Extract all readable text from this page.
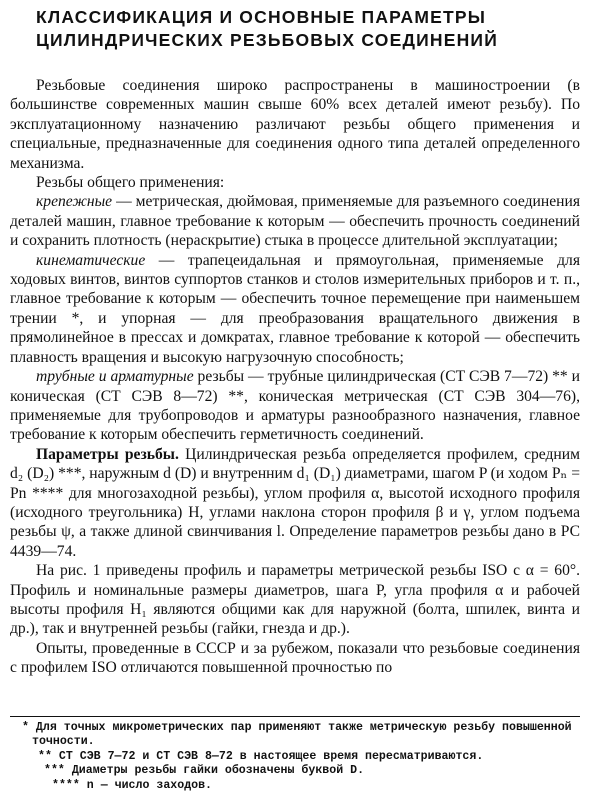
КЛАССИФИКАЦИЯ И ОСНОВНЫЕ ПАРАМЕТРЫ ЦИЛИНДРИЧЕСКИХ РЕЗЬБОВЫХ СОЕДИНЕНИЙ

Резьбовые соединения широко распространены в машиностроении (в большинстве современных машин свыше 60% всех деталей имеют резьбу). По эксплуатационному назначению различают резьбы общего применения и специальные, предназначенные для соединения одного типа деталей определенного механизма.

Резьбы общего применения:

крепежные — метрическая, дюймовая, применяемые для разъемного соединения деталей машин, главное требование к которым — обеспечить прочность соединений и сохранить плотность (нераскрытие) стыка в процессе длительной эксплуатации;

кинематические — трапецеидальная и прямоугольная, применяемые для ходовых винтов, винтов суппортов станков и столов измерительных приборов и т. п., главное требование к которым — обеспечить точное перемещение при наименьшем трении *, и упорная — для преобразования вращательного движения в прямолинейное в прессах и домкратах, главное требование к которой — обеспечить плавность вращения и высокую нагрузочную способность;

трубные и арматурные резьбы — трубные цилиндрическая (СТ СЭВ 7—72) ** и коническая (СТ СЭВ 8—72) **, коническая метрическая (СТ СЭВ 304—76), применяемые для трубопроводов и арматуры разнообразного назначения, главное требование к которым обеспечить герметичность соединений.

Параметры резьбы. Цилиндрическая резьба определяется профилем, средним d₂ (D₂) ***, наружным d (D) и внутренним d₁ (D₁) диаметрами, шагом P (и ходом Pₙ = Pn **** для многозаходной резьбы), углом профиля α, высотой исходного профиля (исходного треугольника) H, углами наклона сторон профиля β и γ, углом подъема резьбы ψ, а также длиной свинчивания l. Определение параметров резьбы дано в РС 4439—74.

На рис. 1 приведены профиль и параметры метрической резьбы ISO с α = 60°. Профиль и номинальные размеры диаметров, шага P, угла профиля α и рабочей высоты профиля H₁ являются общими как для наружной (болта, шпилек, винта и др.), так и внутренней резьбы (гайки, гнезда и др.).

Опыты, проведенные в СССР и за рубежом, показали что резьбовые соединения с профилем ISO отличаются повышенной прочностью по

* Для точных микрометрических пар применяют также метрическую резьбу повышенной точности.

** СТ СЭВ 7—72 и СТ СЭВ 8—72 в настоящее время пересматриваются.

*** Диаметры резьбы гайки обозначены буквой D.

**** n — число заходов.
